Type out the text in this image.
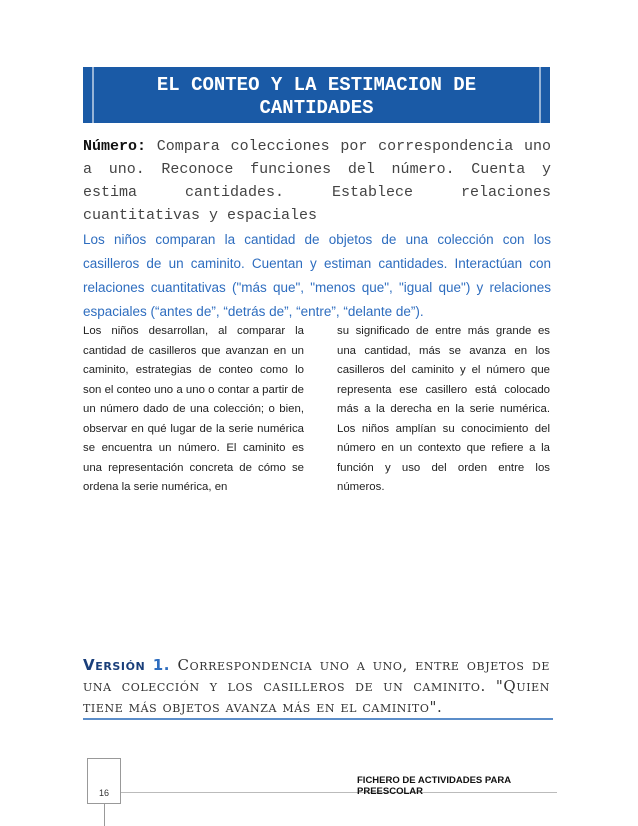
EL CONTEO Y LA ESTIMACION DE
CANTIDADES
Número: Compara colecciones por correspondencia uno a uno. Reconoce funciones del número. Cuenta y estima cantidades. Establece relaciones cuantitativas y espaciales
Los niños comparan la cantidad de objetos de una colección con los casilleros de un caminito. Cuentan y estiman cantidades. Interactúan con relaciones cuantitativas ("más que", "menos que", "igual que") y relaciones espaciales (“antes de”, “detrás de”, “entre”, “delante de”).
Los niños desarrollan, al comparar la cantidad de casilleros que avanzan en un caminito, estrategias de conteo como lo son el conteo uno a uno o contar a partir de un número dado de una colección; o bien, observar en qué lugar de la serie numérica se encuentra un número. El caminito es una representación concreta de cómo se ordena la serie numérica, en
su significado de entre más grande es una cantidad, más se avanza en los casilleros del caminito y el número que representa ese casillero está colocado más a la derecha en la serie numérica. Los niños amplían su conocimiento del número en un contexto que refiere a la función y uso del orden entre los números.
Versión 1. Correspondencia uno a uno, entre objetos de una colección y los casilleros de un caminito. "Quien tiene más objetos avanza más en el caminito".
16
FICHERO DE ACTIVIDADES PARA PREESCOLAR
